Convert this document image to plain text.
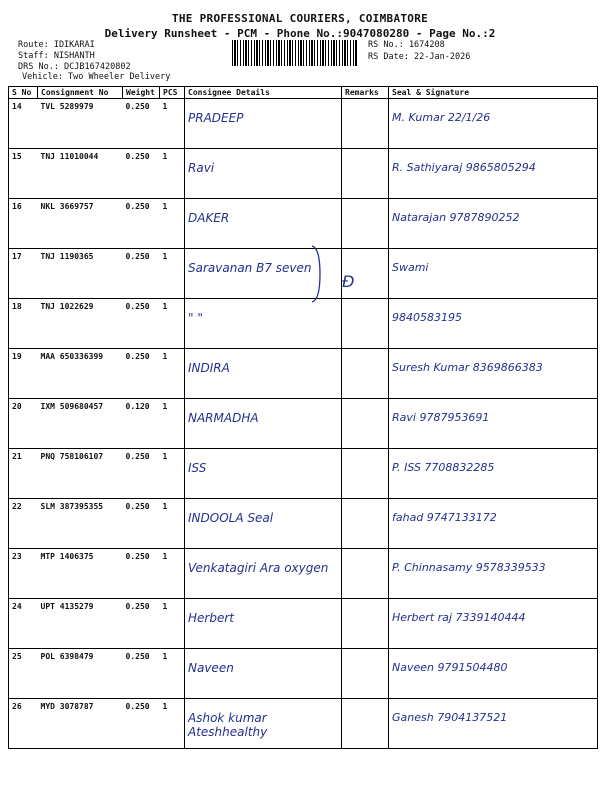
THE PROFESSIONAL COURIERS, COIMBATORE
Delivery Runsheet - PCM - Phone No.:9047080280 - Page No.:2
Route: IDIKARAI
Staff: NISHANTH
DRS No.: DCJB167420802
Vehicle: Two Wheeler Delivery
RS No.: 1674208
RS Date: 22-Jan-2026
S No	Consignment No	Weight	PCS	Consignee Details	Remarks	Seal & Signature
14	TVL 5289979	0.250	1	PRADEEP		M. Kumar 22/1/26
15	TNJ 11010044	0.250	1	Ravi		R. Sathiyaraj 9865805294
16	NKL 3669757	0.250	1	DAKER		Natarajan 9787890252
17	TNJ 1190365	0.250	1	Saravanan B7 seven		Swami
18	TNJ 1022629	0.250	1	" "		9840583195
19	MAA 650336399	0.250	1	INDIRA		Suresh Kumar 8369866383
20	IXM 509680457	0.120	1	NARMADHA		Ravi 9787953691
21	PNQ 758106107	0.250	1	ISS		P. ISS 7708832285
22	SLM 387395355	0.250	1	INDOOLA Seal		fahad 9747133172
23	MTP 1406375	0.250	1	Venkatagiri Ara oxygen		P. Chinnasamy 9578339533
24	UPT 4135279	0.250	1	Herbert		Herbert raj 7339140444
25	POL 6398479	0.250	1	Naveen		Naveen 9791504480
26	MYD 3078787	0.250	1	Ashok kumar Ateshhealthy		Ganesh 7904137521
Ð
